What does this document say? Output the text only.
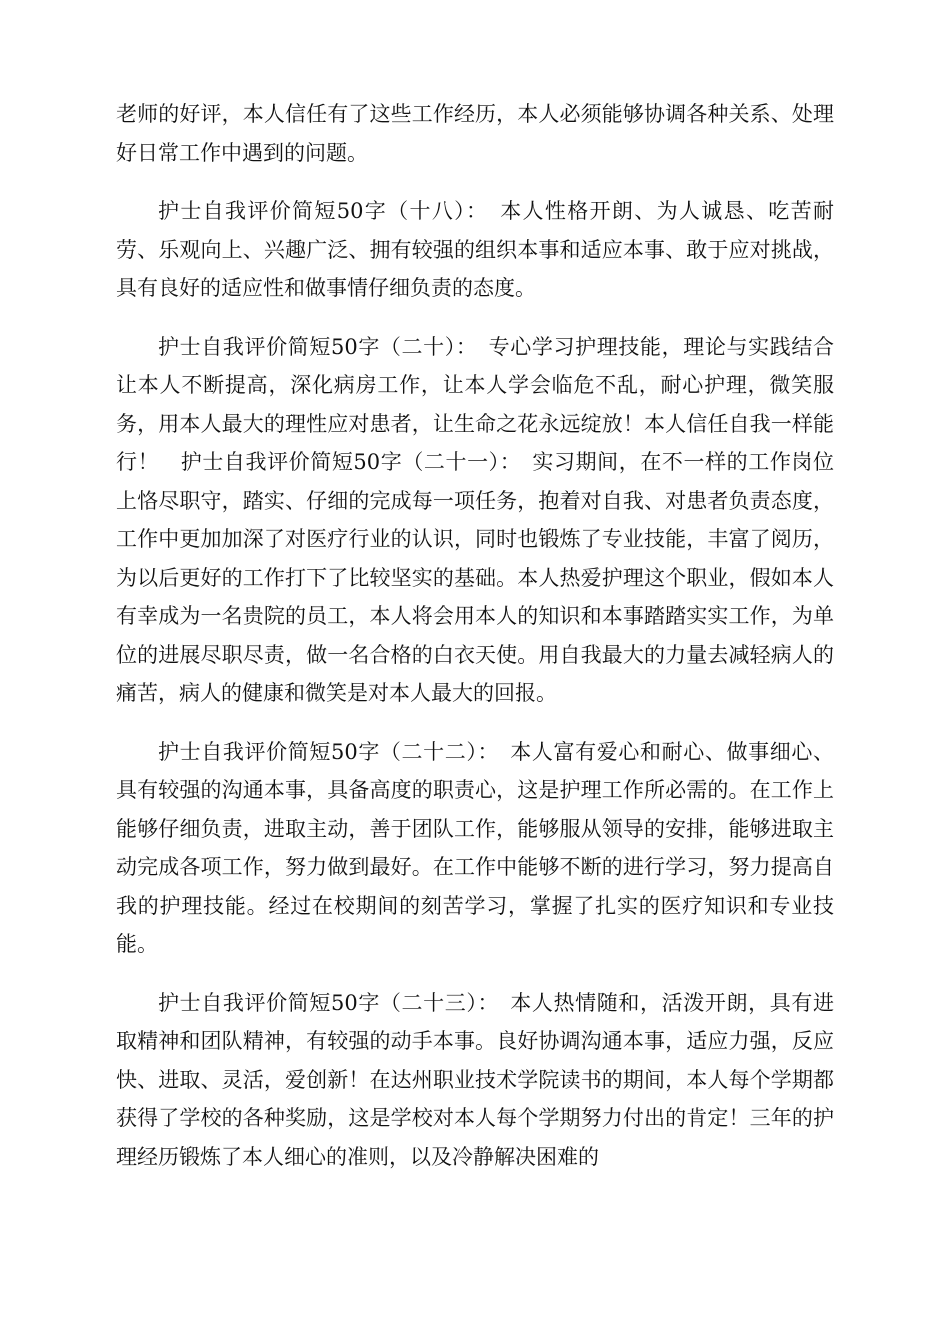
老师的好评，本人信任有了这些工作经历，本人必须能够协调各种关系、处理好日常工作中遇到的问题。

护士自我评价简短50字（十八）：　本人性格开朗、为人诚恳、吃苦耐劳、乐观向上、兴趣广泛、拥有较强的组织本事和适应本事、敢于应对挑战，具有良好的适应性和做事情仔细负责的态度。

护士自我评价简短50字（二十）：　专心学习护理技能，理论与实践结合让本人不断提高，深化病房工作，让本人学会临危不乱，耐心护理，微笑服务，用本人最大的理性应对患者，让生命之花永远绽放！本人信任自我一样能行！　护士自我评价简短50字（二十一）：　实习期间，在不一样的工作岗位上恪尽职守，踏实、仔细的完成每一项任务，抱着对自我、对患者负责态度，工作中更加加深了对医疗行业的认识，同时也锻炼了专业技能，丰富了阅历，为以后更好的工作打下了比较坚实的基础。本人热爱护理这个职业，假如本人有幸成为一名贵院的员工，本人将会用本人的知识和本事踏踏实实工作，为单位的进展尽职尽责，做一名合格的白衣天使。用自我最大的力量去减轻病人的痛苦，病人的健康和微笑是对本人最大的回报。

护士自我评价简短50字（二十二）：　本人富有爱心和耐心、做事细心、具有较强的沟通本事，具备高度的职责心，这是护理工作所必需的。在工作上能够仔细负责，进取主动，善于团队工作，能够服从领导的安排，能够进取主动完成各项工作，努力做到最好。在工作中能够不断的进行学习，努力提高自我的护理技能。经过在校期间的刻苦学习，掌握了扎实的医疗知识和专业技能。

护士自我评价简短50字（二十三）：　本人热情随和，活泼开朗，具有进取精神和团队精神，有较强的动手本事。良好协调沟通本事，适应力强，反应快、进取、灵活，爱创新！在达州职业技术学院读书的期间，本人每个学期都获得了学校的各种奖励，这是学校对本人每个学期努力付出的肯定！三年的护理经历锻炼了本人细心的准则，以及冷静解决困难的
